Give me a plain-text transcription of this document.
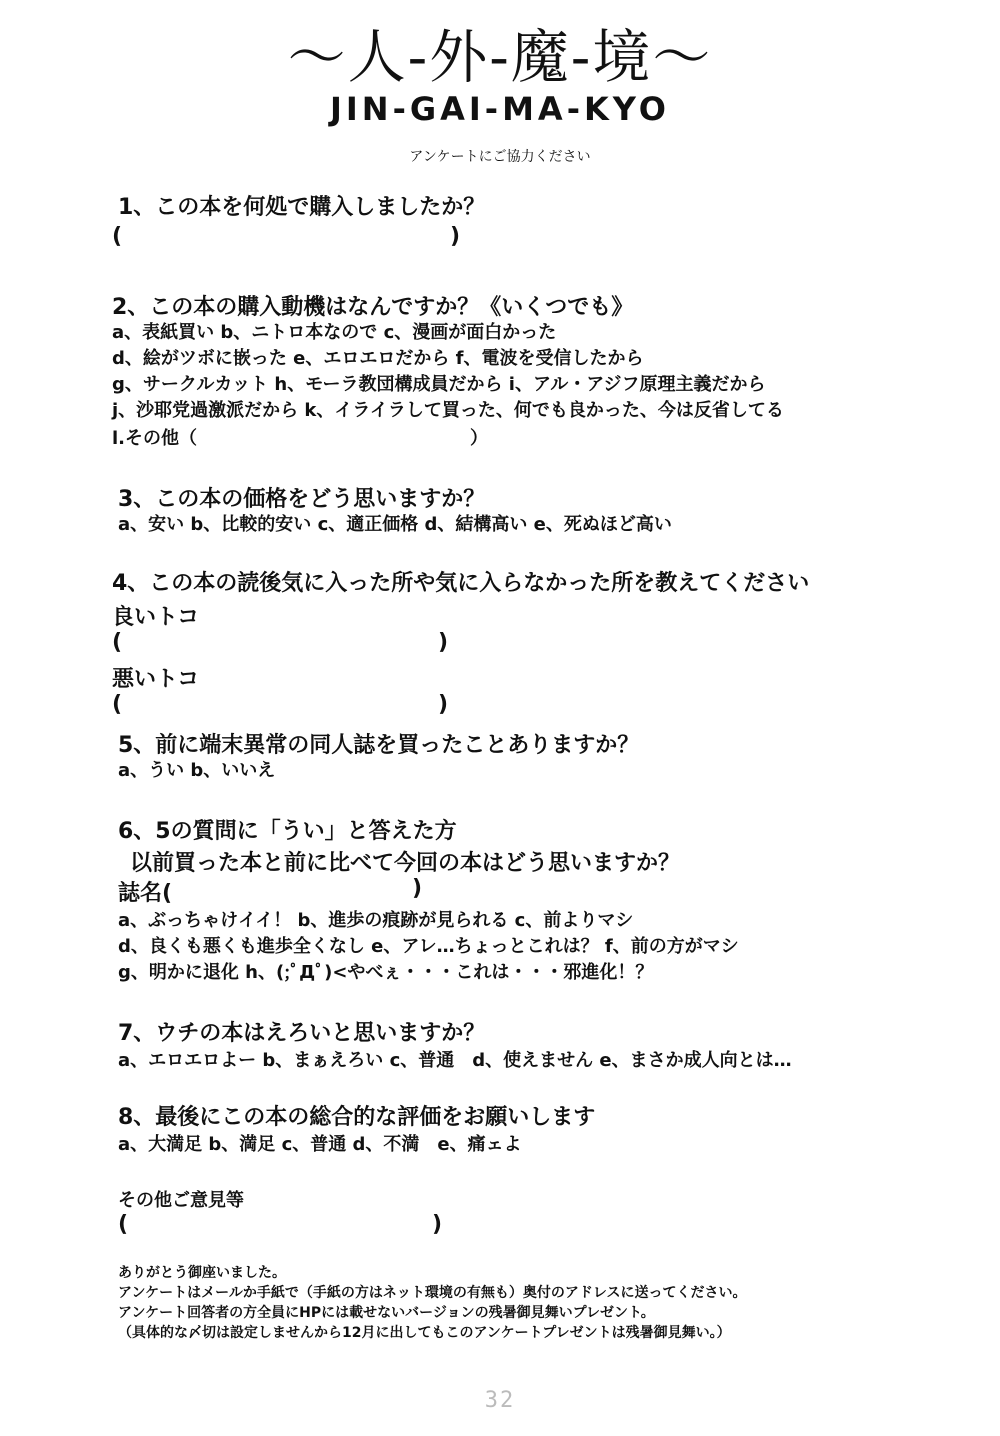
〜人-外-魔-境〜
JIN-GAI-MA-KYO
アンケートにご協力ください
1、この本を何処で購入しましたか？
(	)
2、この本の購入動機はなんですか？《いくつでも》
a、表紙買い b、ニトロ本なので c、漫画が面白かった
d、絵がツボに嵌った e、エロエロだから f、電波を受信したから
g、サークルカット h、モーラ教団構成員だから i、アル・アジフ原理主義だから
j、沙耶党過激派だから k、イライラして買った、何でも良かった、今は反省してる
l.その他（	）
3、この本の価格をどう思いますか？
a、安い b、比較的安い c、適正価格 d、結構高い e、死ぬほど高い
4、この本の読後気に入った所や気に入らなかった所を教えてください
良いトコ
(	)
悪いトコ
(	)
5、前に端末異常の同人誌を買ったことありますか？
a、うい b、いいえ
6、5の質問に「うい」と答えた方
以前買った本と前に比べて今回の本はどう思いますか？
誌名(	)
a、ぶっちゃけイイ！ b、進歩の痕跡が見られる c、前よりマシ
d、良くも悪くも進歩全くなし e、アレ…ちょっとこれは？ f、前の方がマシ
g、明かに退化 h、(;ﾟДﾟ)<やべぇ・・・これは・・・邪進化！？
7、ウチの本はえろいと思いますか？
a、エロエロよー b、まぁえろい c、普通　d、使えません e、まさか成人向とは…
8、最後にこの本の総合的な評価をお願いします
a、大満足 b、満足 c、普通 d、不満　e、痛ェよ
その他ご意見等
(	)
ありがとう御座いました。
アンケートはメールか手紙で（手紙の方はネット環境の有無も）奥付のアドレスに送ってください。
アンケート回答者の方全員にHPには載せないバージョンの残暑御見舞いプレゼント。
（具体的な〆切は設定しませんから12月に出してもこのアンケートプレゼントは残暑御見舞い。）
32
